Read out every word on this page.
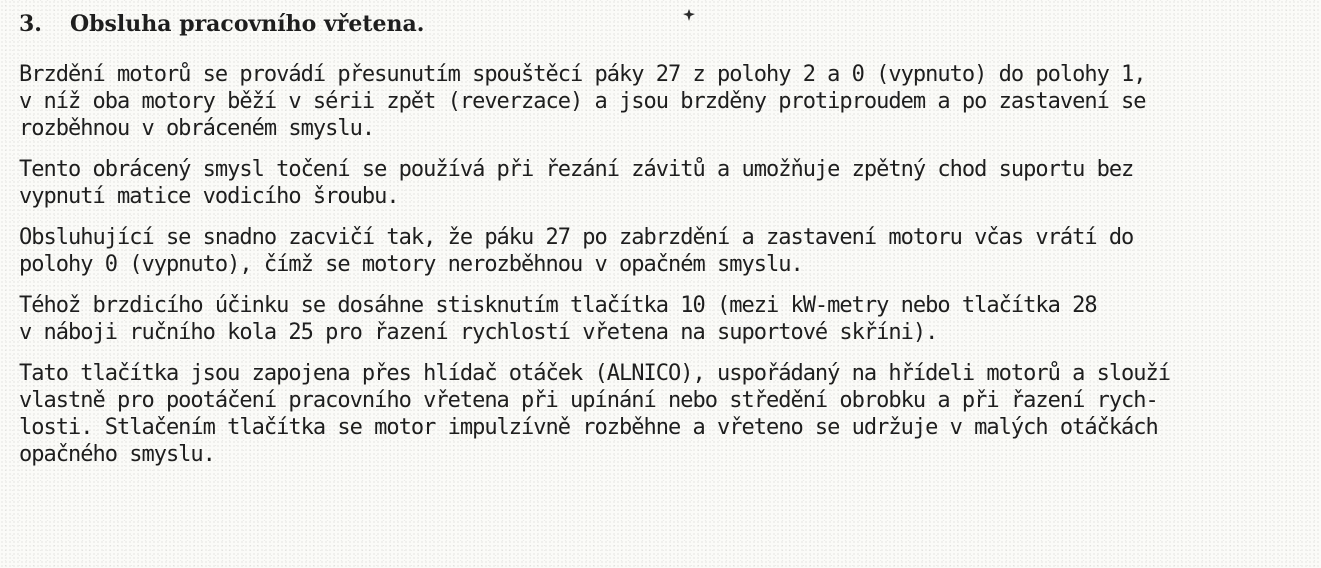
3.	Obsluha pracovního vřetena.
Brzdění motorů se provádí přesunutím spouštěcí páky 27 z polohy 2 a 0 (vypnuto) do polohy 1,
v níž oba motory běží v sérii zpět (reverzace) a jsou brzděny protiproudem a po zastavení se
rozběhnou v obráceném smyslu.
Tento obrácený smysl točení se používá při řezání závitů a umožňuje zpětný chod suportu bez
vypnutí matice vodicího šroubu.
Obsluhující se snadno zacvičí tak, že páku 27 po zabrzdění a zastavení motoru včas vrátí do
polohy 0 (vypnuto), čímž se motory nerozběhnou v opačném smyslu.
Téhož brzdicího účinku se dosáhne stisknutím tlačítka 10 (mezi kW-metry nebo tlačítka 28
v náboji ručního kola 25 pro řazení rychlostí vřetena na suportové skříni).
Tato tlačítka jsou zapojena přes hlídač otáček (ALNICO), uspořádaný na hřídeli motorů a slouží
vlastně pro pootáčení pracovního vřetena při upínání nebo středění obrobku a při řazení rych-
losti. Stlačením tlačítka se motor impulzívně rozběhne a vřeteno se udržuje v malých otáčkách
opačného smyslu.
